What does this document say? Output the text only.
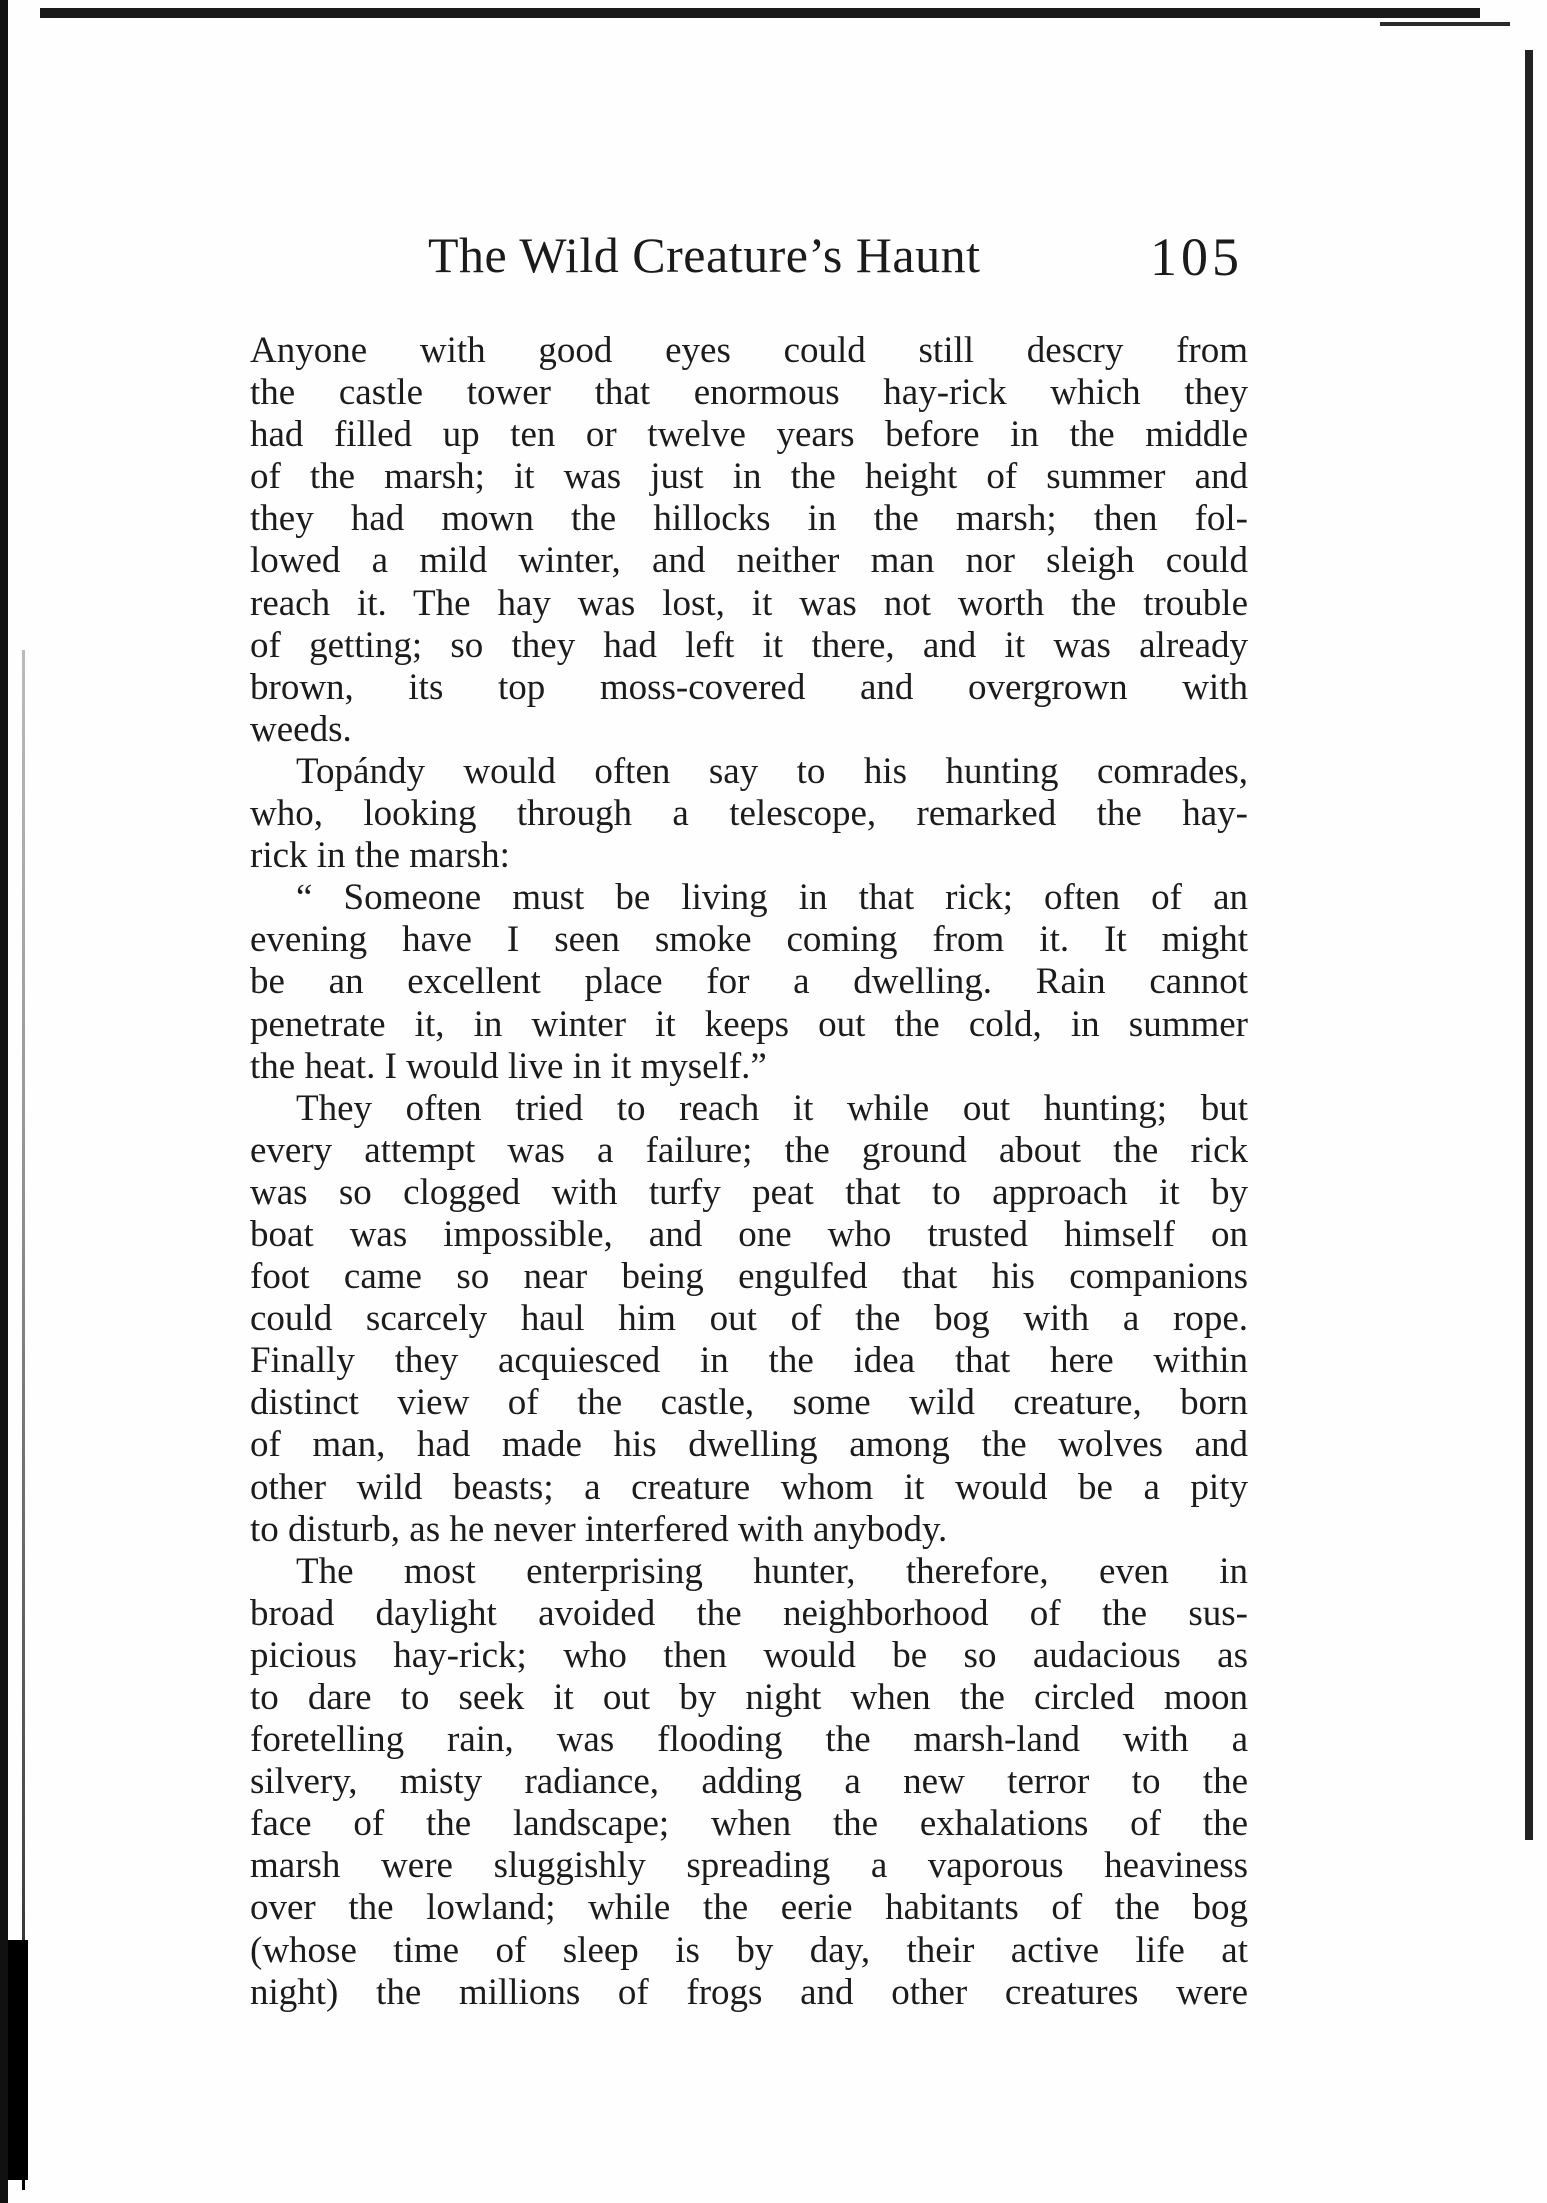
The Wild Creature’s Haunt	105
Anyone with good eyes could still descry from
the castle tower that enormous hay-rick which they
had filled up ten or twelve years before in the middle
of the marsh; it was just in the height of summer and
they had mown the hillocks in the marsh; then fol-
lowed a mild winter, and neither man nor sleigh could
reach it. The hay was lost, it was not worth the trouble
of getting; so they had left it there, and it was already
brown, its top moss-covered and overgrown with
weeds.
Topándy would often say to his hunting comrades,
who, looking through a telescope, remarked the hay-
rick in the marsh:
“ Someone must be living in that rick; often of an
evening have I seen smoke coming from it. It might
be an excellent place for a dwelling. Rain cannot
penetrate it, in winter it keeps out the cold, in summer
the heat. I would live in it myself.”
They often tried to reach it while out hunting; but
every attempt was a failure; the ground about the rick
was so clogged with turfy peat that to approach it by
boat was impossible, and one who trusted himself on
foot came so near being engulfed that his companions
could scarcely haul him out of the bog with a rope.
Finally they acquiesced in the idea that here within
distinct view of the castle, some wild creature, born
of man, had made his dwelling among the wolves and
other wild beasts; a creature whom it would be a pity
to disturb, as he never interfered with anybody.
The most enterprising hunter, therefore, even in
broad daylight avoided the neighborhood of the sus-
picious hay-rick; who then would be so audacious as
to dare to seek it out by night when the circled moon
foretelling rain, was flooding the marsh-land with a
silvery, misty radiance, adding a new terror to the
face of the landscape; when the exhalations of the
marsh were sluggishly spreading a vaporous heaviness
over the lowland; while the eerie habitants of the bog
(whose time of sleep is by day, their active life at
night) the millions of frogs and other creatures were
